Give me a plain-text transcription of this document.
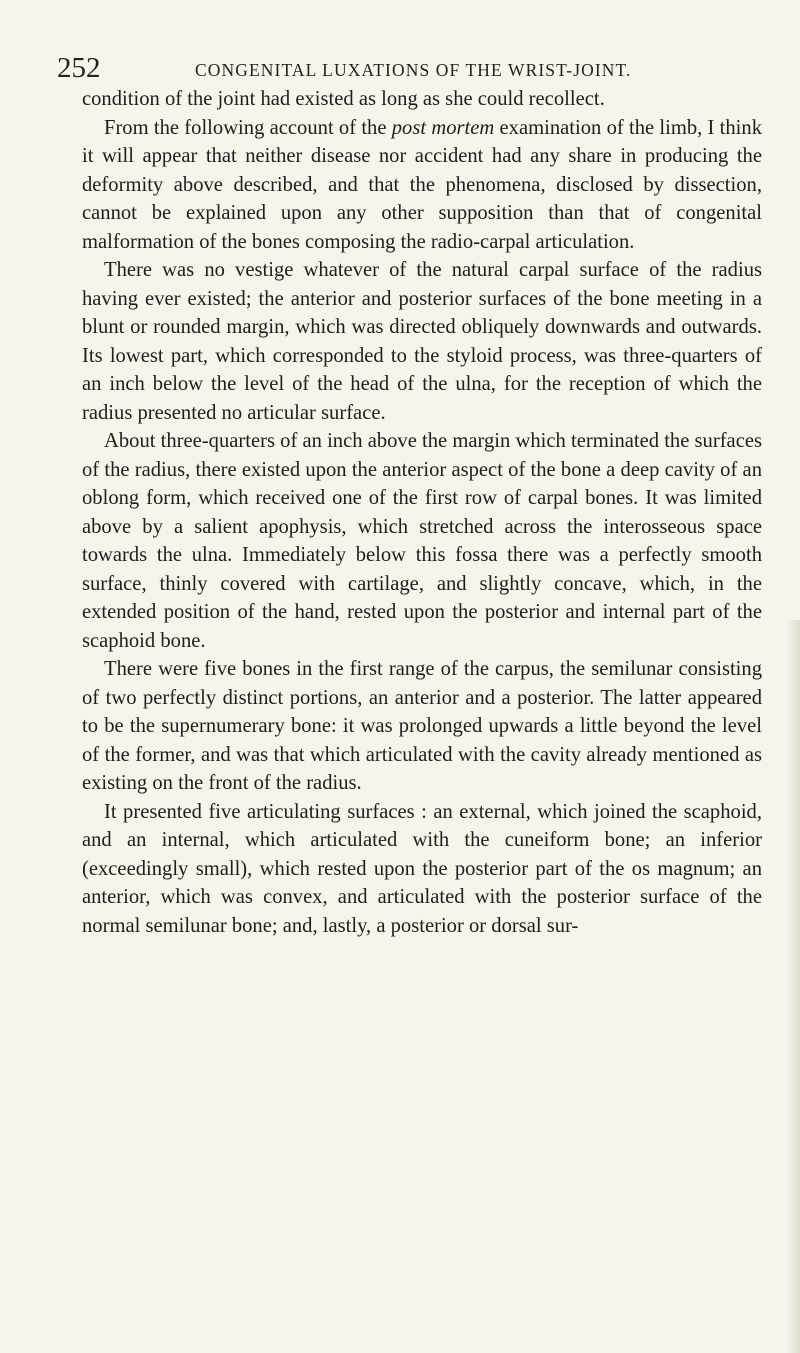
252	CONGENITAL LUXATIONS OF THE WRIST-JOINT.

condition of the joint had existed as long as she could recollect.

From the following account of the post mortem examination of the limb, I think it will appear that neither disease nor accident had any share in producing the deformity above described, and that the phenomena, disclosed by dissection, cannot be explained upon any other supposition than that of congenital malformation of the bones composing the radio-carpal articulation.

There was no vestige whatever of the natural carpal surface of the radius having ever existed; the anterior and posterior surfaces of the bone meeting in a blunt or rounded margin, which was directed obliquely downwards and outwards. Its lowest part, which corresponded to the styloid process, was three-quarters of an inch below the level of the head of the ulna, for the reception of which the radius presented no articular surface.

About three-quarters of an inch above the margin which terminated the surfaces of the radius, there existed upon the anterior aspect of the bone a deep cavity of an oblong form, which received one of the first row of carpal bones. It was limited above by a salient apophysis, which stretched across the interosseous space towards the ulna. Immediately below this fossa there was a perfectly smooth surface, thinly covered with cartilage, and slightly concave, which, in the extended position of the hand, rested upon the posterior and internal part of the scaphoid bone.

There were five bones in the first range of the carpus, the semilunar consisting of two perfectly distinct portions, an anterior and a posterior. The latter appeared to be the supernumerary bone: it was prolonged upwards a little beyond the level of the former, and was that which articulated with the cavity already mentioned as existing on the front of the radius.

It presented five articulating surfaces : an external, which joined the scaphoid, and an internal, which articulated with the cuneiform bone; an inferior (exceedingly small), which rested upon the posterior part of the os magnum; an anterior, which was convex, and articulated with the posterior surface of the normal semilunar bone; and, lastly, a posterior or dorsal sur-
